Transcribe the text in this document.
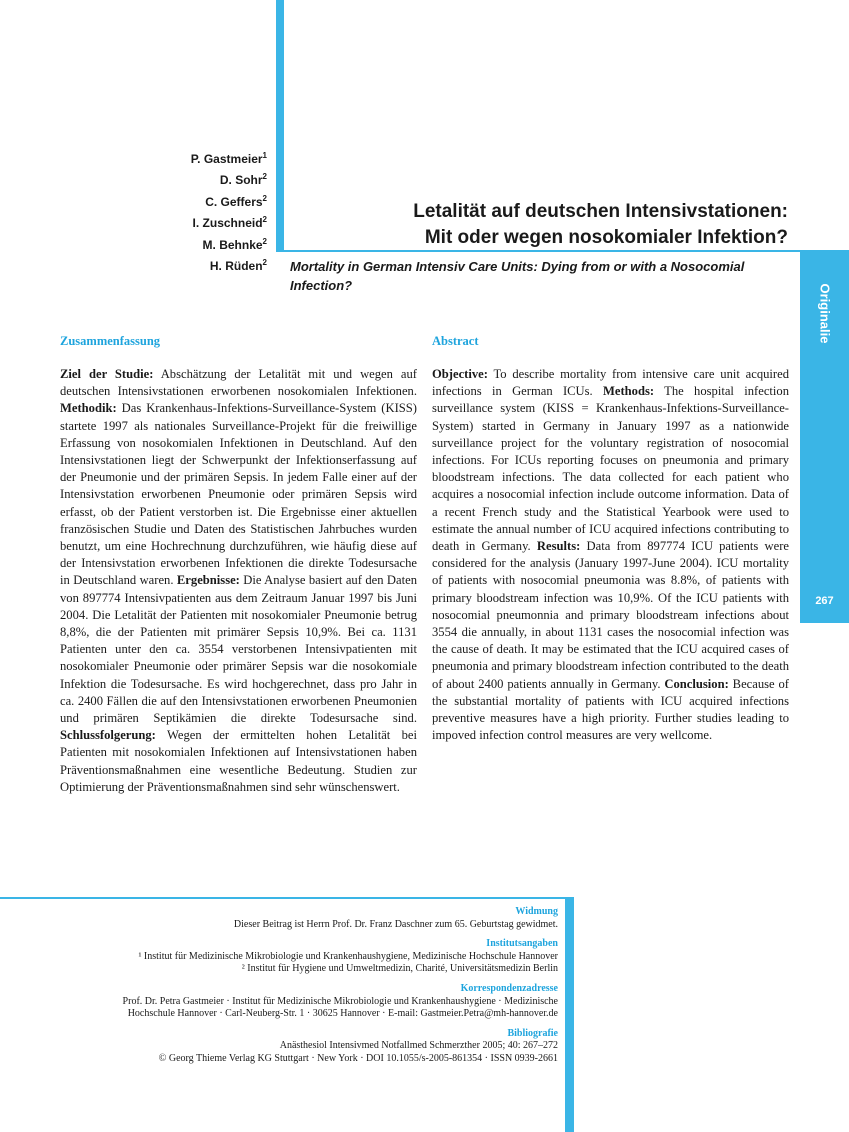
Originalie
267
P. Gastmeier$^1$
D. Sohr$^2$
C. Geffers$^2$
I. Zuschneid$^2$
M. Behnke$^2$
H. Rüden$^2$
Letalität auf deutschen Intensivstationen:
Mit oder wegen nosokomialer Infektion?
Mortality in German Intensiv Care Units: Dying from or with a Nosocomial Infection?
Zusammenfassung	Abstract

Ziel der Studie: Abschätzung der Letalität mit und wegen auf deutschen Intensivstationen erworbenen nosokomialen Infektionen. Methodik: Das Krankenhaus-Infektions-Surveillance-System (KISS) startete 1997 als nationales Surveillance-Projekt für die freiwillige Erfassung von nosokomialen Infektionen in Deutschland. Auf den Intensivstationen liegt der Schwerpunkt der Infektionserfassung auf der Pneumonie und der primären Sepsis. In jedem Falle einer auf der Intensivstation erworbenen Pneumonie oder primären Sepsis wird erfasst, ob der Patient verstorben ist. Die Ergebnisse einer aktuellen französischen Studie und Daten des Statistischen Jahrbuches wurden benutzt, um eine Hochrechnung durchzuführen, wie häufig diese auf der Intensivstation erworbenen Infektionen die direkte Todesursache in Deutschland waren. Ergebnisse: Die Analyse basiert auf den Daten von 897774 Intensivpatienten aus dem Zeitraum Januar 1997 bis Juni 2004. Die Letalität der Patienten mit nosokomialer Pneumonie betrug 8,8%, die der Patienten mit primärer Sepsis 10,9%. Bei ca. 1131 Patienten unter den ca. 3554 verstorbenen Intensivpatienten mit nosokomialer Pneumonie oder primärer Sepsis war die nosokomiale Infektion die Todesursache. Es wird hochgerechnet, dass pro Jahr in ca. 2400 Fällen die auf den Intensivstationen erworbenen Pneumonien und primären Septikämien die direkte Todesursache sind. Schlussfolgerung: Wegen der ermittelten hohen Letalität bei Patienten mit nosokomialen Infektionen auf Intensivstationen haben Präventionsmaßnahmen eine wesentliche Bedeutung. Studien zur Optimierung der Präventionsmaßnahmen sind sehr wünschenswert.

Objective: To describe mortality from intensive care unit acquired infections in German ICUs. Methods: The hospital infection surveillance system (KISS = Krankenhaus-Infektions-Surveillance-System) started in Germany in January 1997 as a nationwide surveillance project for the voluntary registration of nosocomial infections. For ICUs reporting focuses on pneumonia and primary bloodstream infections. The data collected for each patient who acquires a nosocomial infection include outcome information. Data of a recent French study and the Statistical Yearbook were used to estimate the annual number of ICU acquired infections contributing to death in Germany. Results: Data from 897774 ICU patients were considered for the analysis (January 1997-June 2004). ICU mortality of patients with nosocomial pneumonia was 8.8%, of patients with primary bloodstream infection was 10,9%. Of the ICU patients with nosocomial pneumonnia and primary bloodstream infections about 3554 die annually, in about 1131 cases the nosocomial infection was the cause of death. It may be estimated that the ICU acquired cases of pneumonia and primary bloodstream infection contributed to the death of about 2400 patients annually in Germany. Conclusion: Because of the substantial mortality of patients with ICU acquired infections preventive measures have a high priority. Further studies leading to impoved infection control measures are very wellcome.

Widmung
Dieser Beitrag ist Herrn Prof. Dr. Franz Daschner zum 65. Geburtstag gewidmet.
Institutsangaben
¹ Institut für Medizinische Mikrobiologie und Krankenhaushygiene, Medizinische Hochschule Hannover
² Institut für Hygiene und Umweltmedizin, Charité, Universitätsmedizin Berlin
Korrespondenzadresse
Prof. Dr. Petra Gastmeier · Institut für Medizinische Mikrobiologie und Krankenhaushygiene · Medizinische
Hochschule Hannover · Carl-Neuberg-Str. 1 · 30625 Hannover · E-mail: Gastmeier.Petra@mh-hannover.de
Bibliografie
Anästhesiol Intensivmed Notfallmed Schmerzther 2005; 40: 267–272
© Georg Thieme Verlag KG Stuttgart · New York · DOI 10.1055/s-2005-861354 · ISSN 0939-2661
